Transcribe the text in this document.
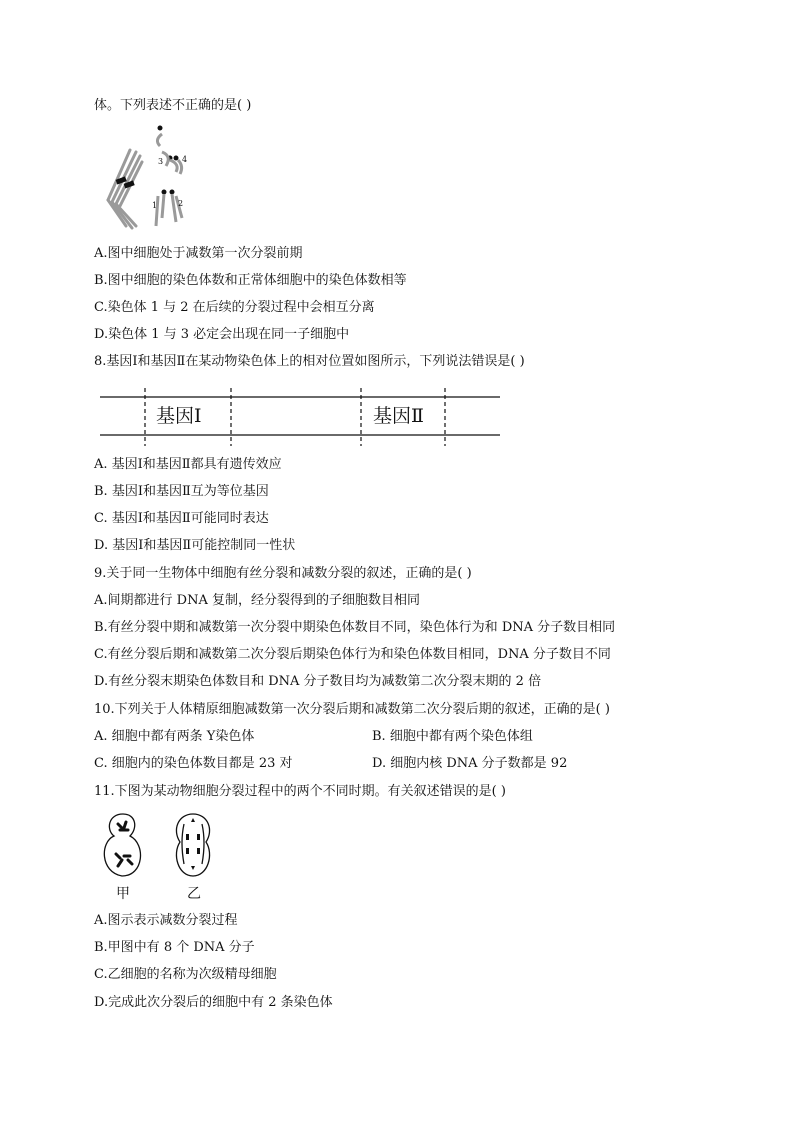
体。下列表述不正确的是( )
3 4
1	2
A.图中细胞处于减数第一次分裂前期
B.图中细胞的染色体数和正常体细胞中的染色体数相等
C.染色体 1 与 2 在后续的分裂过程中会相互分离
D.染色体 1 与 3 必定会出现在同一子细胞中
8.基因Ⅰ和基因Ⅱ在某动物染色体上的相对位置如图所示，下列说法错误是( )
基因Ⅰ	基因Ⅱ
A. 基因Ⅰ和基因Ⅱ都具有遗传效应
B. 基因Ⅰ和基因Ⅱ互为等位基因
C. 基因Ⅰ和基因Ⅱ可能同时表达
D. 基因Ⅰ和基因Ⅱ可能控制同一性状
9.关于同一生物体中细胞有丝分裂和减数分裂的叙述，正确的是( )
A.间期都进行 DNA 复制，经分裂得到的子细胞数目相同
B.有丝分裂中期和减数第一次分裂中期染色体数目不同，染色体行为和 DNA 分子数目相同
C.有丝分裂后期和减数第二次分裂后期染色体行为和染色体数目相同，DNA 分子数目不同
D.有丝分裂末期染色体数目和 DNA 分子数目均为减数第二次分裂末期的 2 倍
10.下列关于人体精原细胞减数第一次分裂后期和减数第二次分裂后期的叙述，正确的是( )
A. 细胞中都有两条 Y染色体	B. 细胞中都有两个染色体组
C. 细胞内的染色体数目都是 23 对	D. 细胞内核 DNA 分子数都是 92
11.下图为某动物细胞分裂过程中的两个不同时期。有关叙述错误的是( )
甲	乙
A.图示表示减数分裂过程
B.甲图中有 8 个 DNA 分子
C.乙细胞的名称为次级精母细胞
D.完成此次分裂后的细胞中有 2 条染色体
